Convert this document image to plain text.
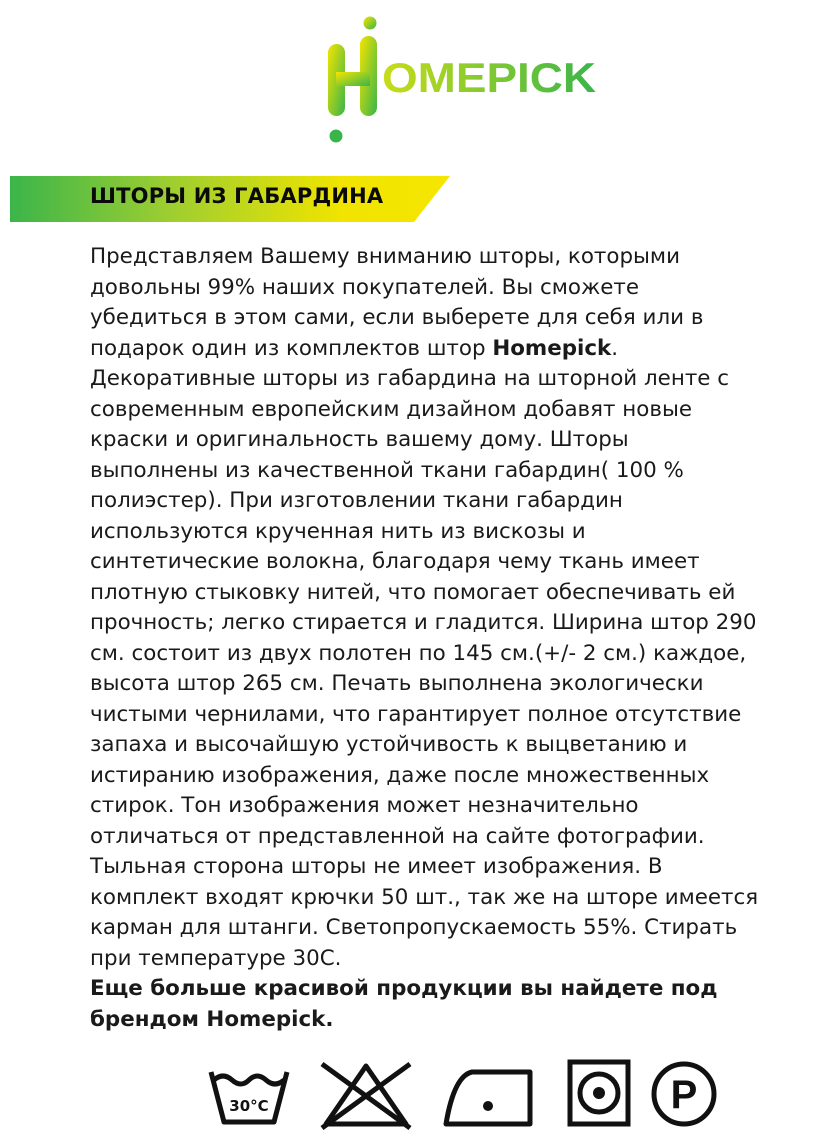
OMEPICK
ШТОРЫ ИЗ ГАБАРДИНА
Представляем Вашему вниманию шторы, которыми
довольны 99% наших покупателей. Вы сможете
убедиться в этом сами, если выберете для себя или в
подарок один из комплектов штор Homepick.
Декоративные шторы из габардина на шторной ленте с
современным европейским дизайном добавят новые
краски и оригинальность вашему дому. Шторы
выполнены из качественной ткани габардин( 100 %
полиэстер). При изготовлении ткани габардин
используются крученная нить из вискозы и
синтетические волокна, благодаря чему ткань имеет
плотную стыковку нитей, что помогает обеспечивать ей
прочность; легко стирается и гладится. Ширина штор 290
см. состоит из двух полотен по 145 см.(+/- 2 см.) каждое,
высота штор 265 см. Печать выполнена экологически
чистыми чернилами, что гарантирует полное отсутствие
запаха и высочайшую устойчивость к выцветанию и
истиранию изображения, даже после множественных
стирок. Тон изображения может незначительно
отличаться от представленной на сайте фотографии.
Тыльная сторона шторы не имеет изображения. В
комплект входят крючки 50 шт., так же на шторе имеется
карман для штанги. Светопропускаемость 55%. Стирать
при температуре 30С.
Еще больше красивой продукции вы найдете под
брендом Homepick.
30°C	P
